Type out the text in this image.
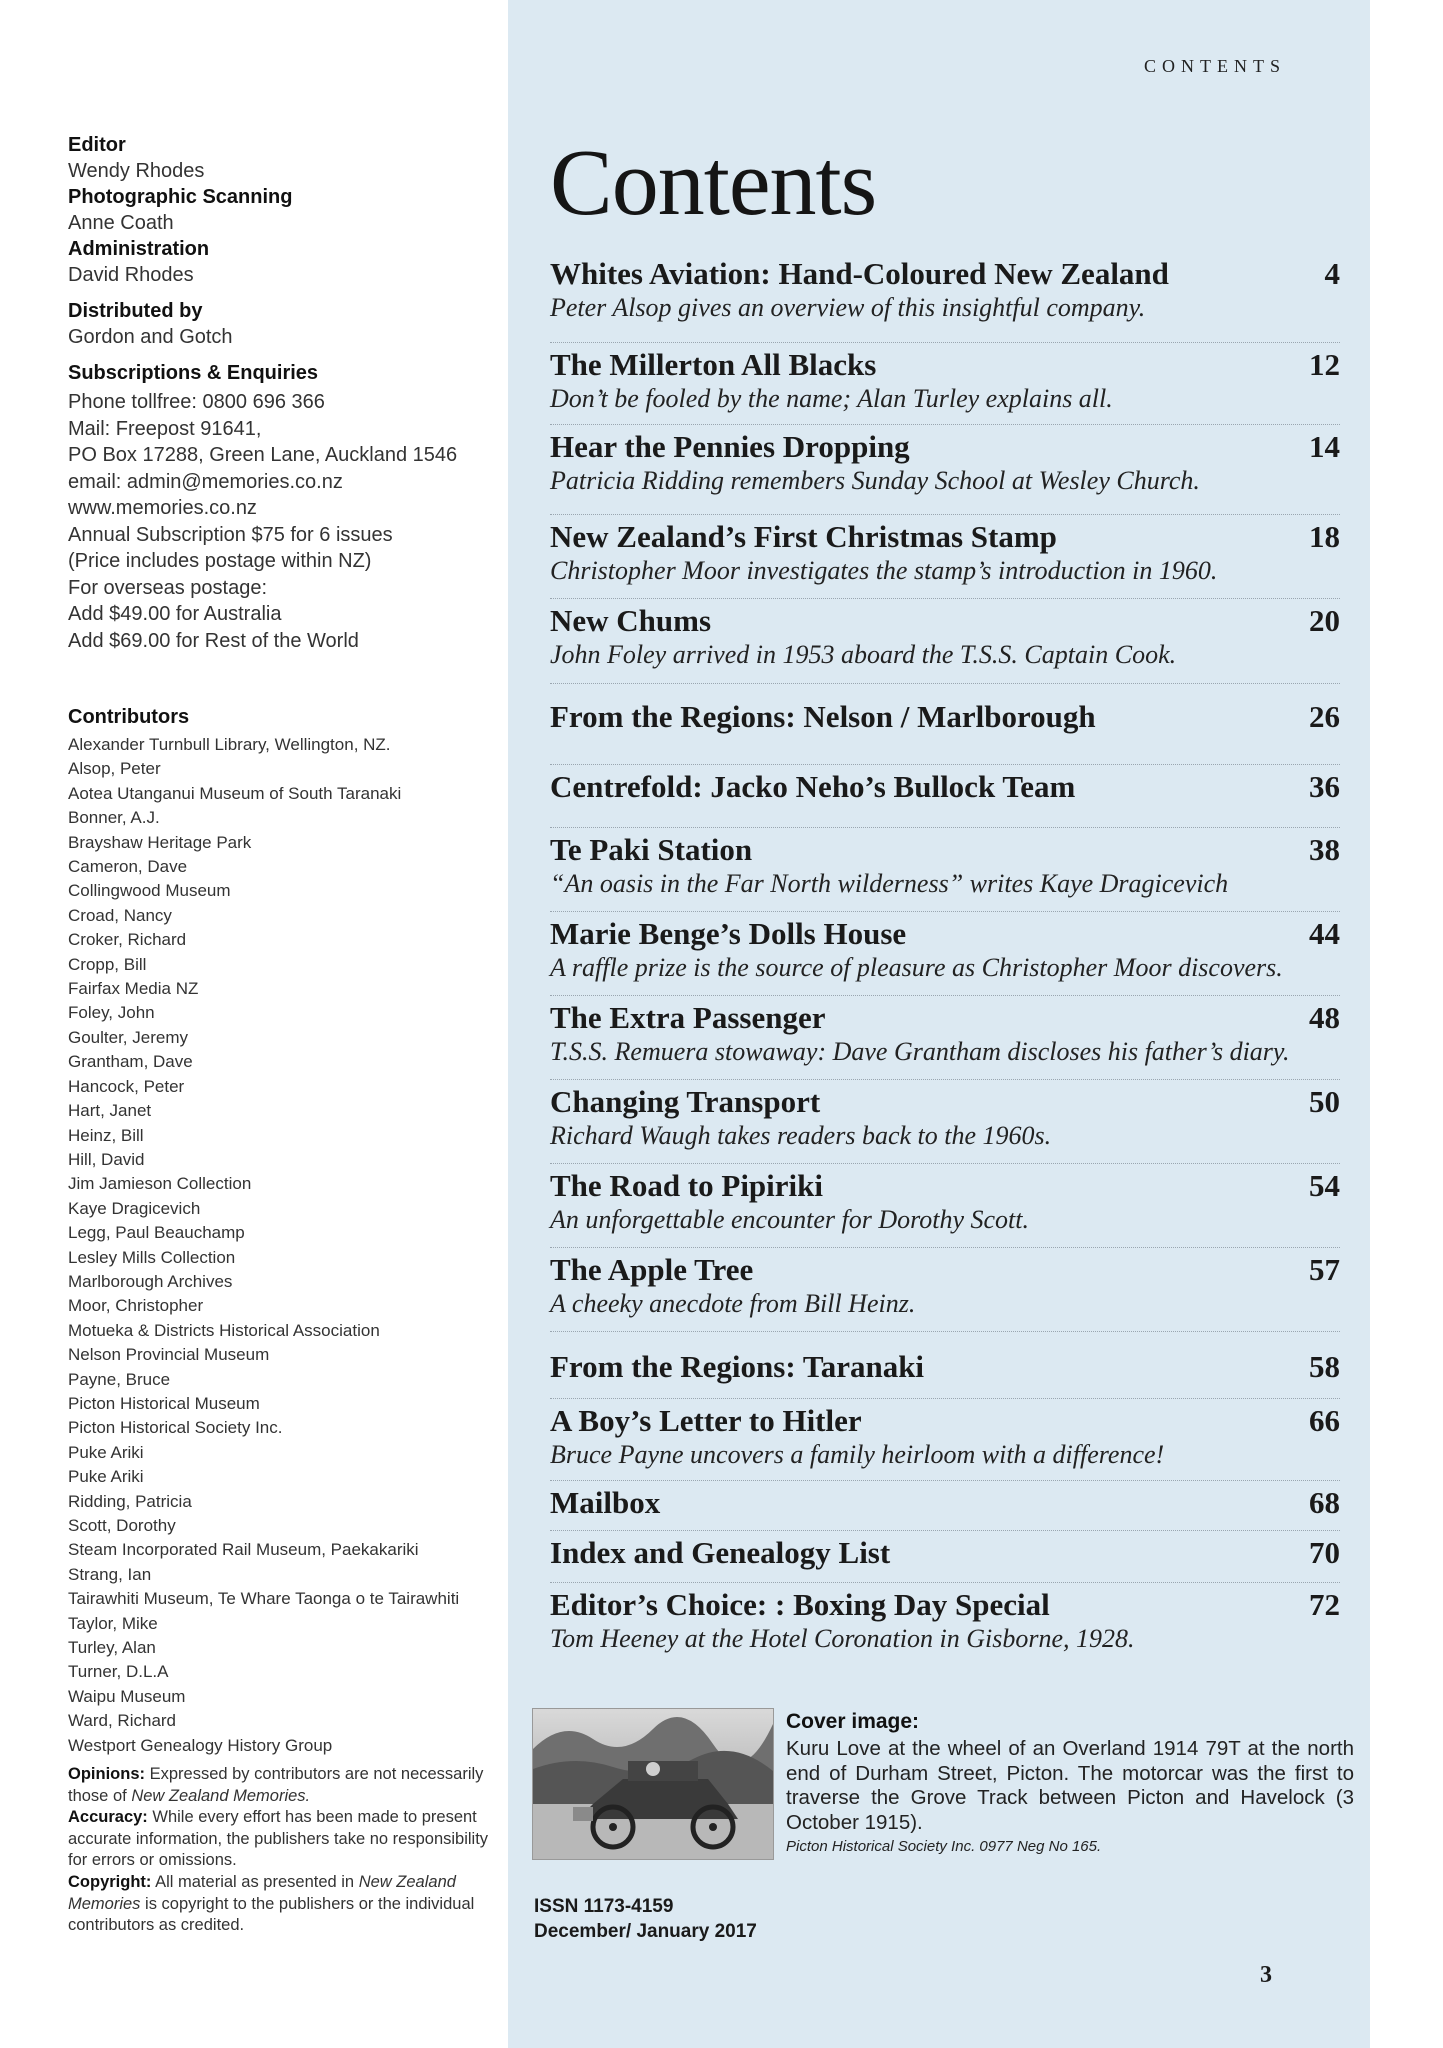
Editor
Wendy Rhodes
Photographic Scanning
Anne Coath
Administration
David Rhodes
Distributed by
Gordon and Gotch
Subscriptions & Enquiries
Phone tollfree: 0800 696 366
Mail: Freepost 91641,
PO Box 17288, Green Lane, Auckland 1546
email: admin@memories.co.nz
www.memories.co.nz
Annual Subscription $75 for 6 issues
(Price includes postage within NZ)
For overseas postage:
Add $49.00 for Australia
Add $69.00 for Rest of the World
Contributors
Alexander Turnbull Library, Wellington, NZ.
Alsop, Peter
Aotea Utanganui Museum of South Taranaki
Bonner, A.J.
Brayshaw Heritage Park
Cameron, Dave
Collingwood Museum
Croad, Nancy
Croker, Richard
Cropp, Bill
Fairfax Media NZ
Foley, John
Goulter, Jeremy
Grantham, Dave
Hancock, Peter
Hart, Janet
Heinz, Bill
Hill, David
Jim Jamieson Collection
Kaye Dragicevich
Legg, Paul Beauchamp
Lesley Mills Collection
Marlborough Archives
Moor, Christopher
Motueka & Districts Historical Association
Nelson Provincial Museum
Payne, Bruce
Picton Historical Museum
Picton Historical Society Inc.
Puke Ariki
Puke Ariki
Ridding, Patricia
Scott, Dorothy
Steam Incorporated Rail Museum, Paekakariki
Strang, Ian
Tairawhiti Museum, Te Whare Taonga o te Tairawhiti
Taylor, Mike
Turley, Alan
Turner, D.L.A
Waipu Museum
Ward, Richard
Westport Genealogy History Group
Opinions: Expressed by contributors are not necessarily those of New Zealand Memories.
Accuracy: While every effort has been made to present accurate information, the publishers take no responsibility for errors or omissions.
Copyright: All material as presented in New Zealand Memories is copyright to the publishers or the individual contributors as credited.
CONTENTS
Contents
Whites Aviation: Hand-Coloured New Zealand	4
Peter Alsop gives an overview of this insightful company.
The Millerton All Blacks	12
Don’t be fooled by the name; Alan Turley explains all.
Hear the Pennies Dropping	14
Patricia Ridding remembers Sunday School at Wesley Church.
New Zealand’s First Christmas Stamp	18
Christopher Moor investigates the stamp’s introduction in 1960.
New Chums	20
John Foley arrived in 1953 aboard the T.S.S. Captain Cook.
From the Regions: Nelson / Marlborough	26
Centrefold: Jacko Neho’s Bullock Team	36
Te Paki Station	38
“An oasis in the Far North wilderness” writes Kaye Dragicevich
Marie Benge’s Dolls House	44
A raffle prize is the source of pleasure as Christopher Moor discovers.
The Extra Passenger	48
T.S.S. Remuera stowaway: Dave Grantham discloses his father’s diary.
Changing Transport	50
Richard Waugh takes readers back to the 1960s.
The Road to Pipiriki	54
An unforgettable encounter for Dorothy Scott.
The Apple Tree	57
A cheeky anecdote from Bill Heinz.
From the Regions: Taranaki	58
A Boy’s Letter to Hitler	66
Bruce Payne uncovers a family heirloom with a difference!
Mailbox	68
Index and Genealogy List	70
Editor’s Choice: : Boxing Day Special	72
Tom Heeney at the Hotel Coronation in Gisborne, 1928.
Cover image:
Kuru Love at the wheel of an Overland 1914 79T at the north end of Durham Street, Picton. The motorcar was the first to traverse the Grove Track between Picton and Havelock (3 October 1915).
Picton Historical Society Inc. 0977 Neg No 165.
ISSN 1173-4159
December/ January 2017
3
